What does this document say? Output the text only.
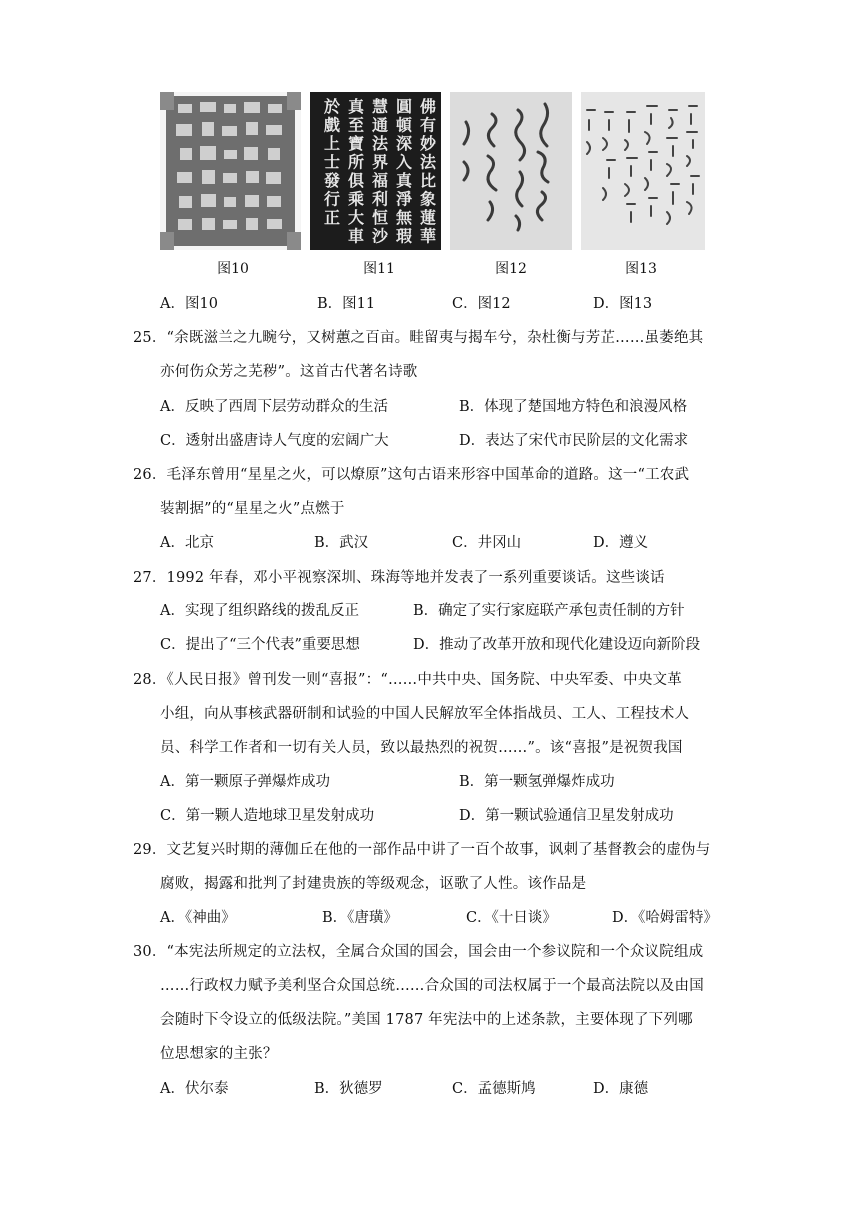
佛
有
妙
法
比
象
蓮
華
圓
頓
深
入
真
淨
無
瑕
慧
通
法
界
福
利
恒
沙
真
至
寶
所
俱
乘
大
車
於
戲
上
士
發
行
正
图10	图11	图12	图13
A．图10	B．图11	C．图12	D．图13
25．“余既滋兰之九畹兮，又树蕙之百亩。畦留夷与揭车兮，杂杜衡与芳芷……虽萎绝其
亦何伤众芳之芜秽”。这首古代著名诗歌
A．反映了西周下层劳动群众的生活	B．体现了楚国地方特色和浪漫风格
C．透射出盛唐诗人气度的宏阔广大	D．表达了宋代市民阶层的文化需求
26．毛泽东曾用“星星之火，可以燎原”这句古语来形容中国革命的道路。这一“工农武
装割据”的“星星之火”点燃于
A．北京	B．武汉	C．井冈山	D．遵义
27．1992 年春，邓小平视察深圳、珠海等地并发表了一系列重要谈话。这些谈话
A．实现了组织路线的拨乱反正	B．确定了实行家庭联产承包责任制的方针
C．提出了“三个代表”重要思想	D．推动了改革开放和现代化建设迈向新阶段
28．《人民日报》曾刊发一则“喜报”：“……中共中央、国务院、中央军委、中央文革
小组，向从事核武器研制和试验的中国人民解放军全体指战员、工人、工程技术人
员、科学工作者和一切有关人员，致以最热烈的祝贺……”。该“喜报”是祝贺我国
A．第一颗原子弹爆炸成功	B．第一颗氢弹爆炸成功
C．第一颗人造地球卫星发射成功	D．第一颗试验通信卫星发射成功
29．文艺复兴时期的薄伽丘在他的一部作品中讲了一百个故事，讽刺了基督教会的虚伪与
腐败，揭露和批判了封建贵族的等级观念，讴歌了人性。该作品是
A．《神曲》	B．《唐璜》	C．《十日谈》	D．《哈姆雷特》
30．“本宪法所规定的立法权，全属合众国的国会，国会由一个参议院和一个众议院组成
……行政权力赋予美利坚合众国总统……合众国的司法权属于一个最高法院以及由国
会随时下令设立的低级法院。”美国 1787 年宪法中的上述条款，主要体现了下列哪
位思想家的主张？
A．伏尔泰	B．狄德罗	C．孟德斯鸠	D．康德
